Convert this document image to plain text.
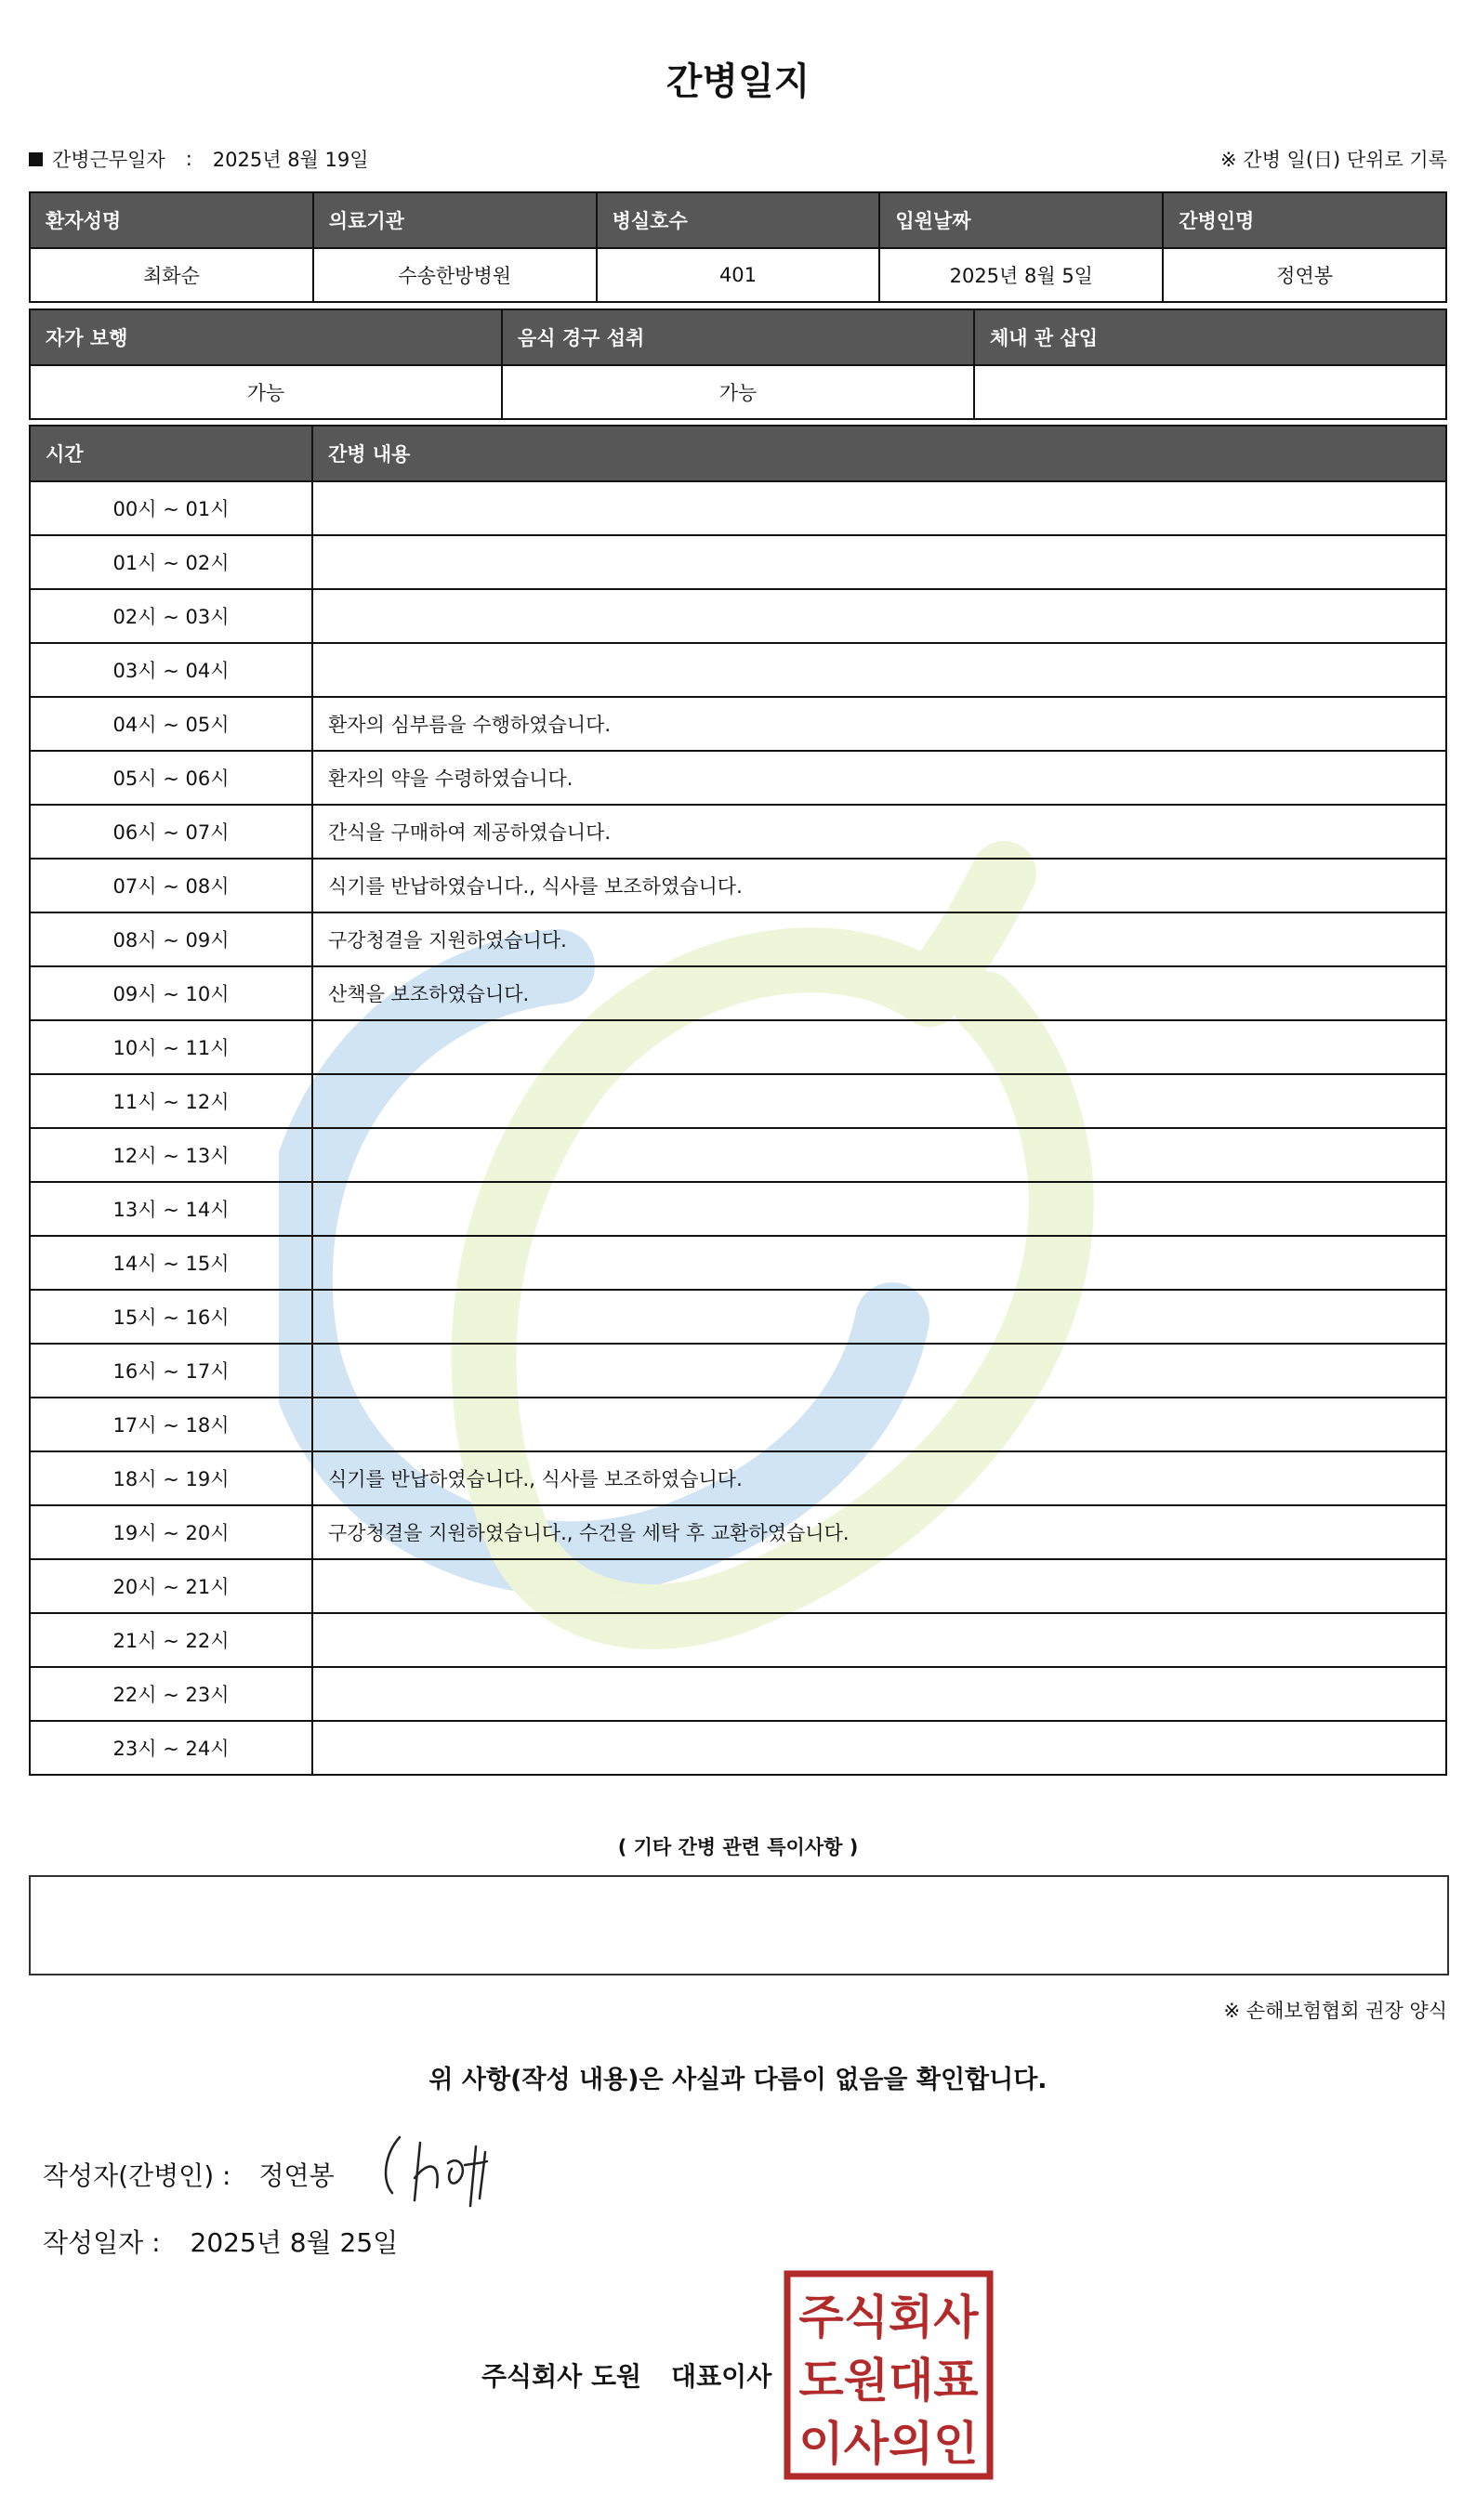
간병일지
간병근무일자 : 2025년 8월 19일	※ 간병 일(日) 단위로 기록
환자성명	의료기관	병실호수	입원날짜	간병인명
최화순	수송한방병원	401	2025년 8월 5일	정연봉
자가 보행	음식 경구 섭취	체내 관 삽입
가능	가능	
시간	간병 내용
00시 ~ 01시	
01시 ~ 02시	
02시 ~ 03시	
03시 ~ 04시	
04시 ~ 05시	환자의 심부름을 수행하였습니다.
05시 ~ 06시	환자의 약을 수령하였습니다.
06시 ~ 07시	간식을 구매하여 제공하였습니다.
07시 ~ 08시	식기를 반납하였습니다., 식사를 보조하였습니다.
08시 ~ 09시	구강청결을 지원하였습니다.
09시 ~ 10시	산책을 보조하였습니다.
10시 ~ 11시	
11시 ~ 12시	
12시 ~ 13시	
13시 ~ 14시	
14시 ~ 15시	
15시 ~ 16시	
16시 ~ 17시	
17시 ~ 18시	
18시 ~ 19시	식기를 반납하였습니다., 식사를 보조하였습니다.
19시 ~ 20시	구강청결을 지원하였습니다., 수건을 세탁 후 교환하였습니다.
20시 ~ 21시	
21시 ~ 22시	
22시 ~ 23시	
23시 ~ 24시	
( 기타 간병 관련 특이사항 )
※ 손해보험협회 권장 양식
위 사항(작성 내용)은 사실과 다름이 없음을 확인합니다.
작성자(간병인) : 정연봉
작성일자 : 2025년 8월 25일
주식회사 도원 대표이사
주식회사
도원대표
이사의인
